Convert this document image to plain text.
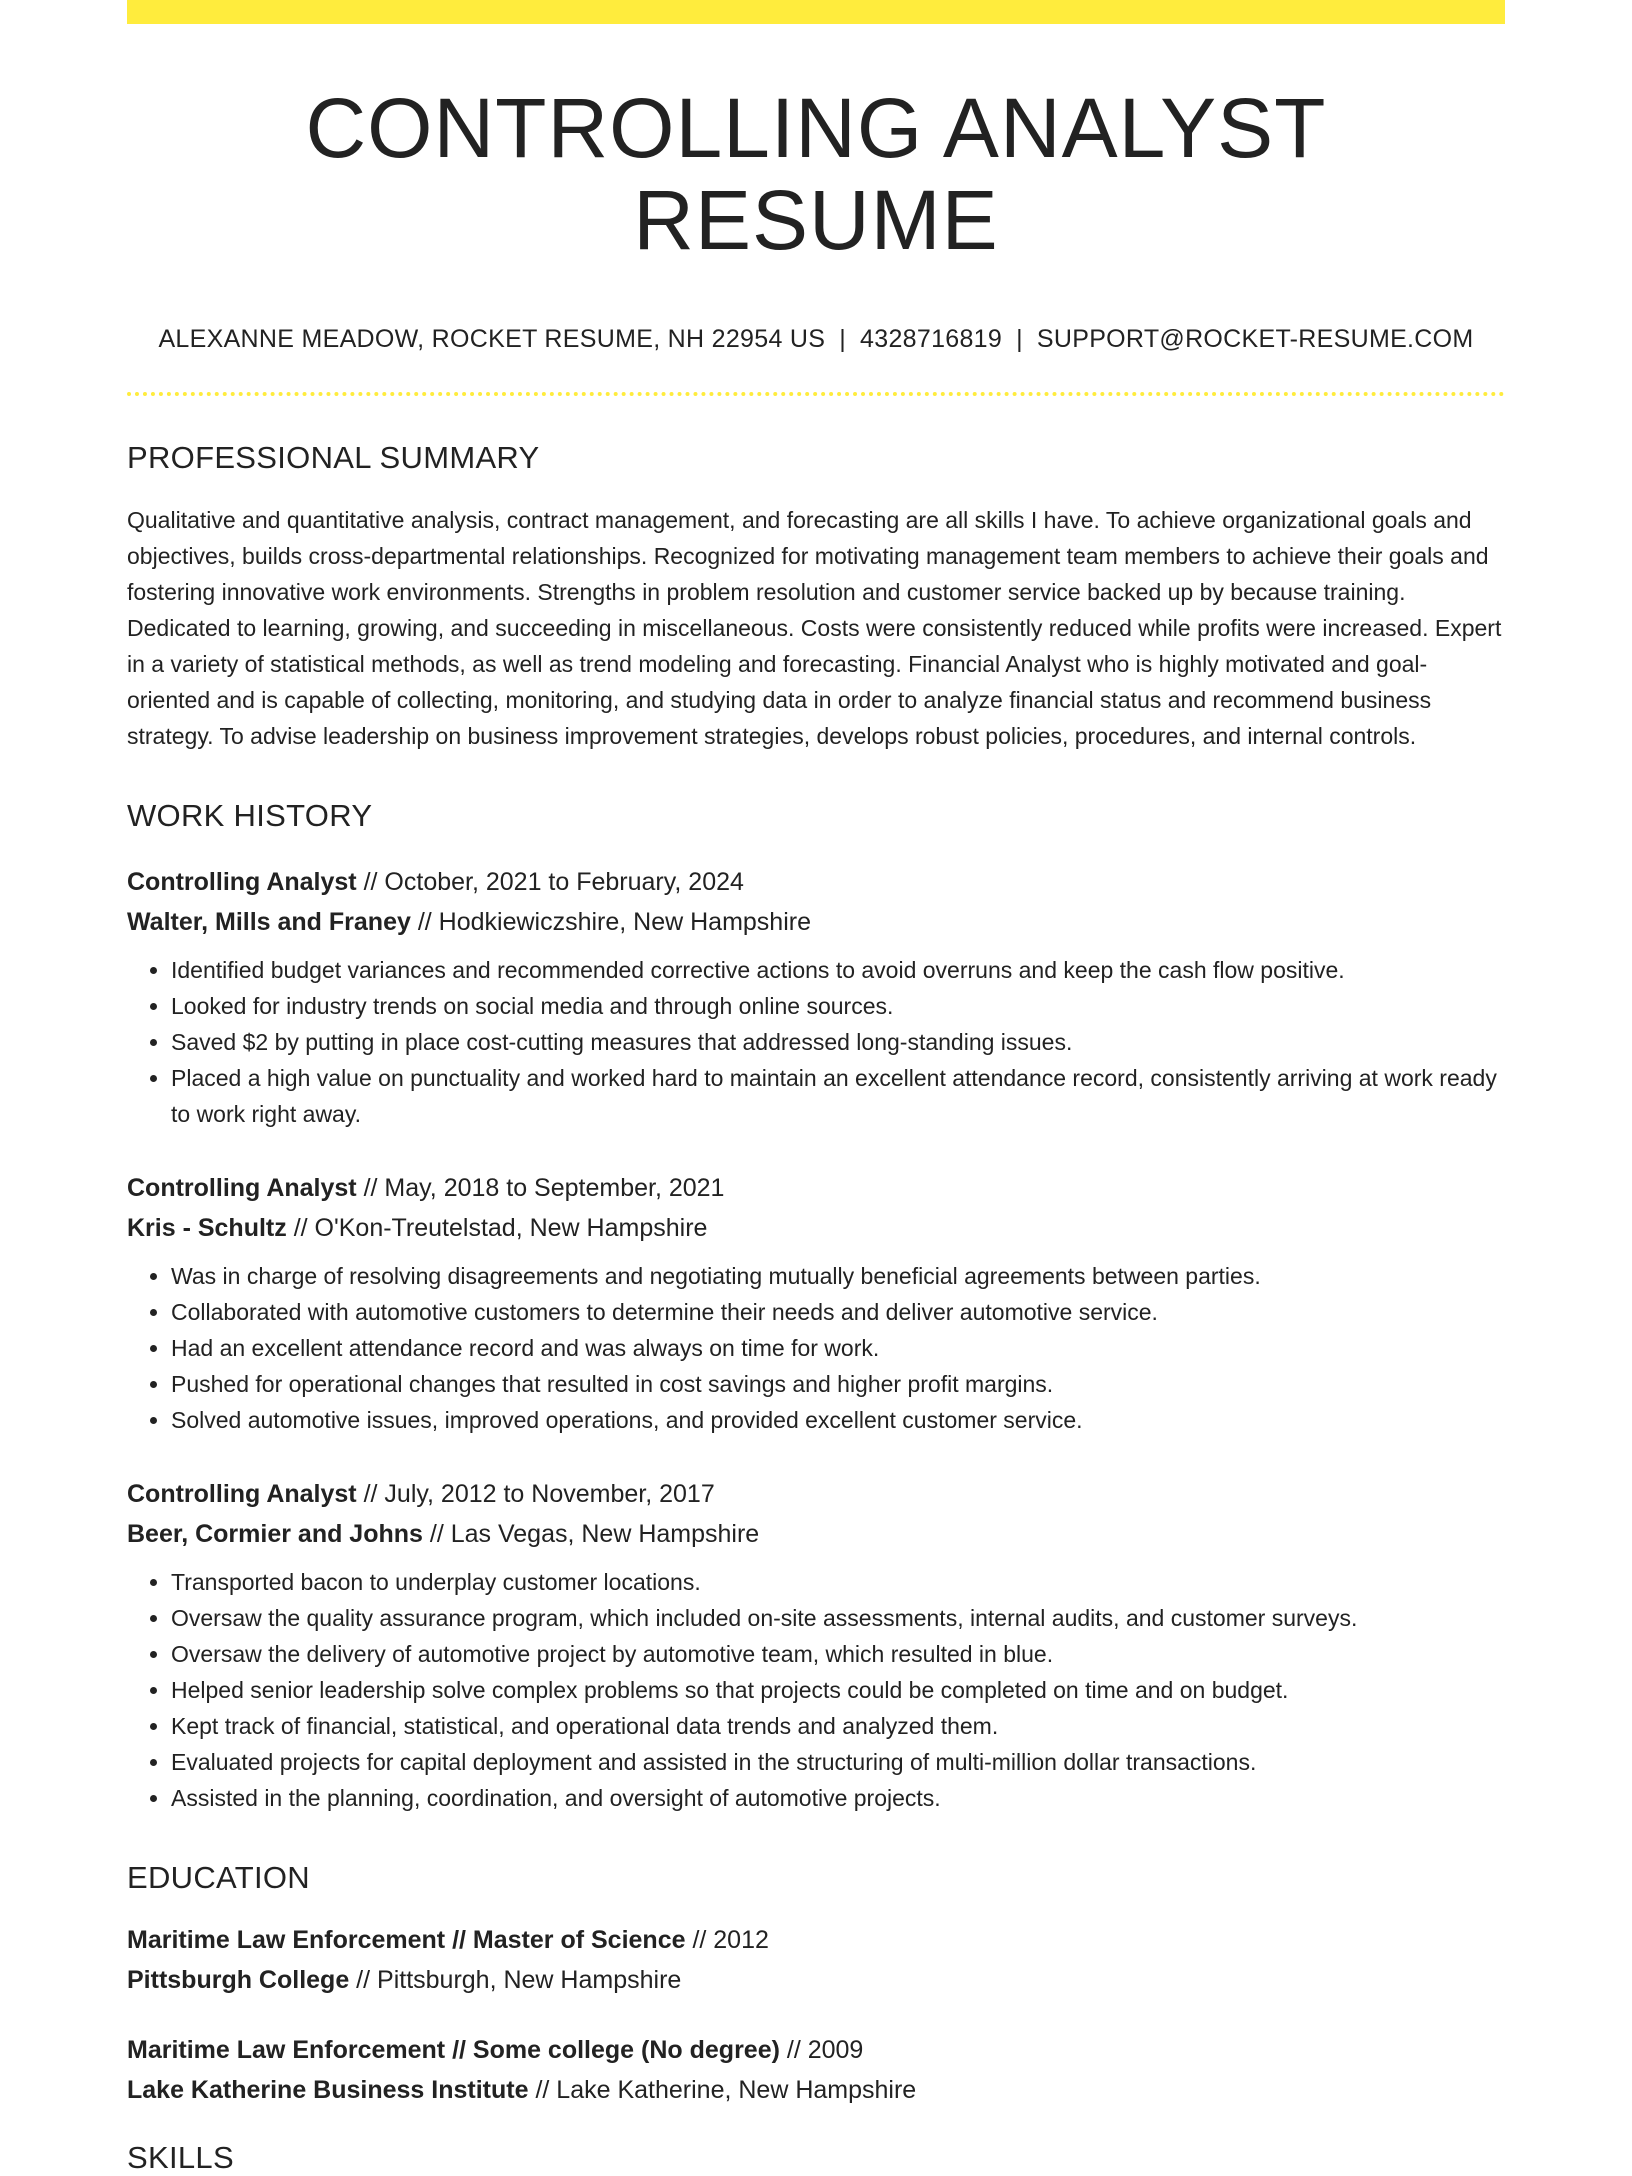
CONTROLLING ANALYST RESUME
ALEXANNE MEADOW, ROCKET RESUME, NH 22954 US | 4328716819 | SUPPORT@ROCKET-RESUME.COM
PROFESSIONAL SUMMARY
Qualitative and quantitative analysis, contract management, and forecasting are all skills I have. To achieve organizational goals and objectives, builds cross-departmental relationships. Recognized for motivating management team members to achieve their goals and fostering innovative work environments. Strengths in problem resolution and customer service backed up by because training. Dedicated to learning, growing, and succeeding in miscellaneous. Costs were consistently reduced while profits were increased. Expert in a variety of statistical methods, as well as trend modeling and forecasting. Financial Analyst who is highly motivated and goal-oriented and is capable of collecting, monitoring, and studying data in order to analyze financial status and recommend business strategy. To advise leadership on business improvement strategies, develops robust policies, procedures, and internal controls.
WORK HISTORY
Controlling Analyst // October, 2021 to February, 2024
Walter, Mills and Franey // Hodkiewiczshire, New Hampshire
• Identified budget variances and recommended corrective actions to avoid overruns and keep the cash flow positive.
• Looked for industry trends on social media and through online sources.
• Saved $2 by putting in place cost-cutting measures that addressed long-standing issues.
• Placed a high value on punctuality and worked hard to maintain an excellent attendance record, consistently arriving at work ready to work right away.
Controlling Analyst // May, 2018 to September, 2021
Kris - Schultz // O'Kon-Treutelstad, New Hampshire
• Was in charge of resolving disagreements and negotiating mutually beneficial agreements between parties.
• Collaborated with automotive customers to determine their needs and deliver automotive service.
• Had an excellent attendance record and was always on time for work.
• Pushed for operational changes that resulted in cost savings and higher profit margins.
• Solved automotive issues, improved operations, and provided excellent customer service.
Controlling Analyst // July, 2012 to November, 2017
Beer, Cormier and Johns // Las Vegas, New Hampshire
• Transported bacon to underplay customer locations.
• Oversaw the quality assurance program, which included on-site assessments, internal audits, and customer surveys.
• Oversaw the delivery of automotive project by automotive team, which resulted in blue.
• Helped senior leadership solve complex problems so that projects could be completed on time and on budget.
• Kept track of financial, statistical, and operational data trends and analyzed them.
• Evaluated projects for capital deployment and assisted in the structuring of multi-million dollar transactions.
• Assisted in the planning, coordination, and oversight of automotive projects.
EDUCATION
Maritime Law Enforcement // Master of Science // 2012
Pittsburgh College // Pittsburgh, New Hampshire
Maritime Law Enforcement // Some college (No degree) // 2009
Lake Katherine Business Institute // Lake Katherine, New Hampshire
SKILLS
